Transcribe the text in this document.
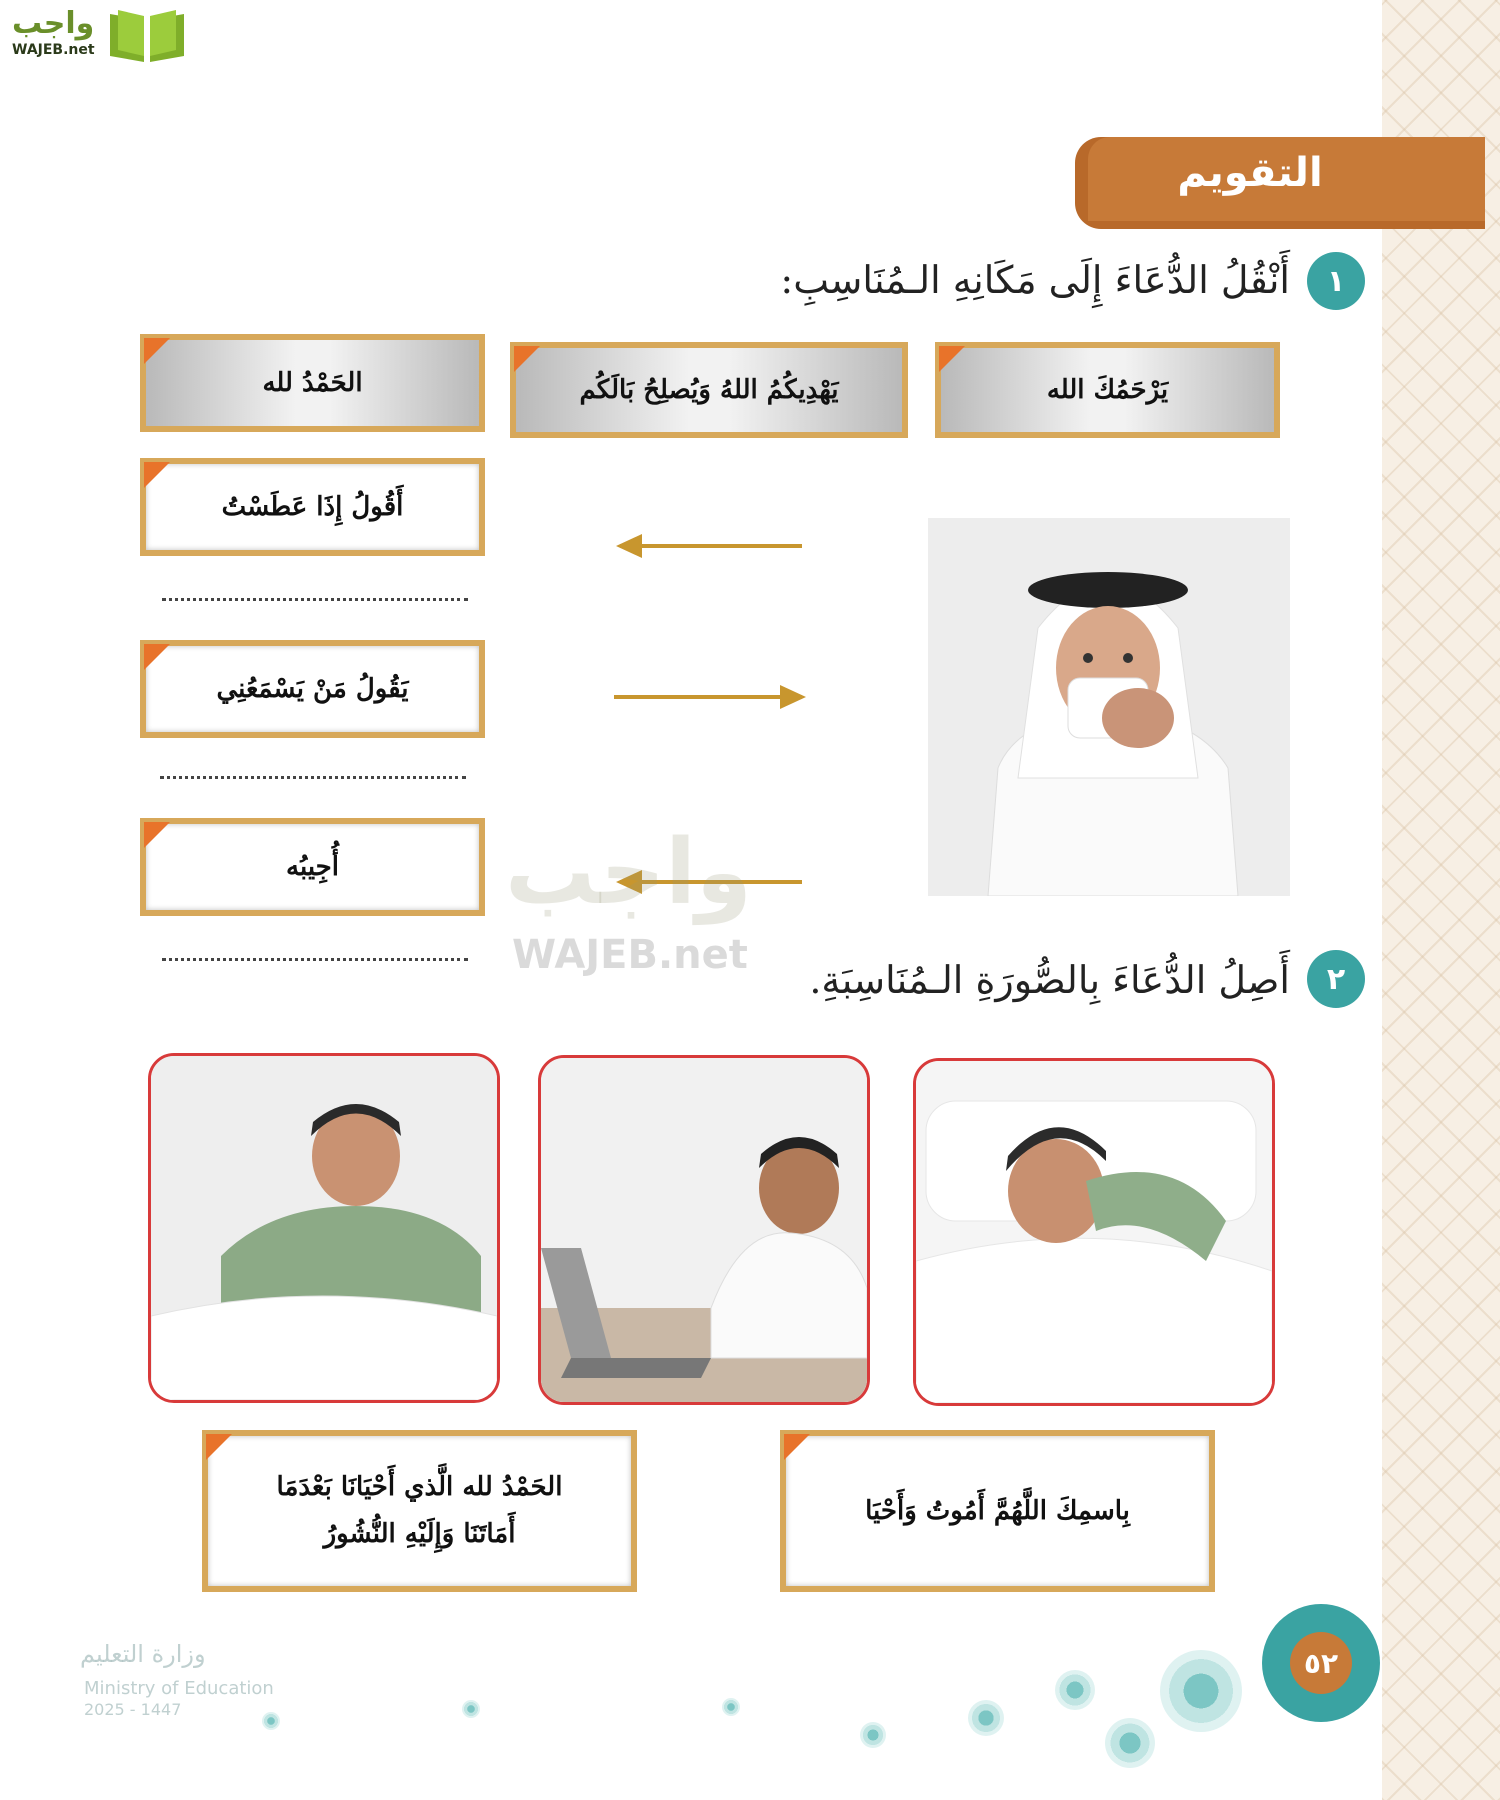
واجب
WAJEB.net
التقويم
١
أَنْقُلُ الدُّعَاءَ إِلَى مَكَانِهِ الـمُنَاسِبِ:
يَرْحَمُكَ الله
يَهْدِيكُمُ اللهُ وَيُصلِحُ بَالَكُم
الحَمْدُ لله
أَقُولُ إِذَا عَطَسْتُ
يَقُولُ مَنْ يَسْمَعُنِي
أُجِيبُه واجب
WAJEB.net
٢
أَصِلُ الدُّعَاءَ بِالصُّورَةِ الـمُنَاسِبَةِ.
بِاسمِكَ اللَّهُمَّ أَمُوتُ وَأَحْيَا
الحَمْدُ لله الَّذي أَحْيَانَا بَعْدَمَا
أَمَاتَنَا وَإِلَيْهِ النُّشُورُ
وزارة التعليم
Ministry of Education
2025 - 1447
٥٢
